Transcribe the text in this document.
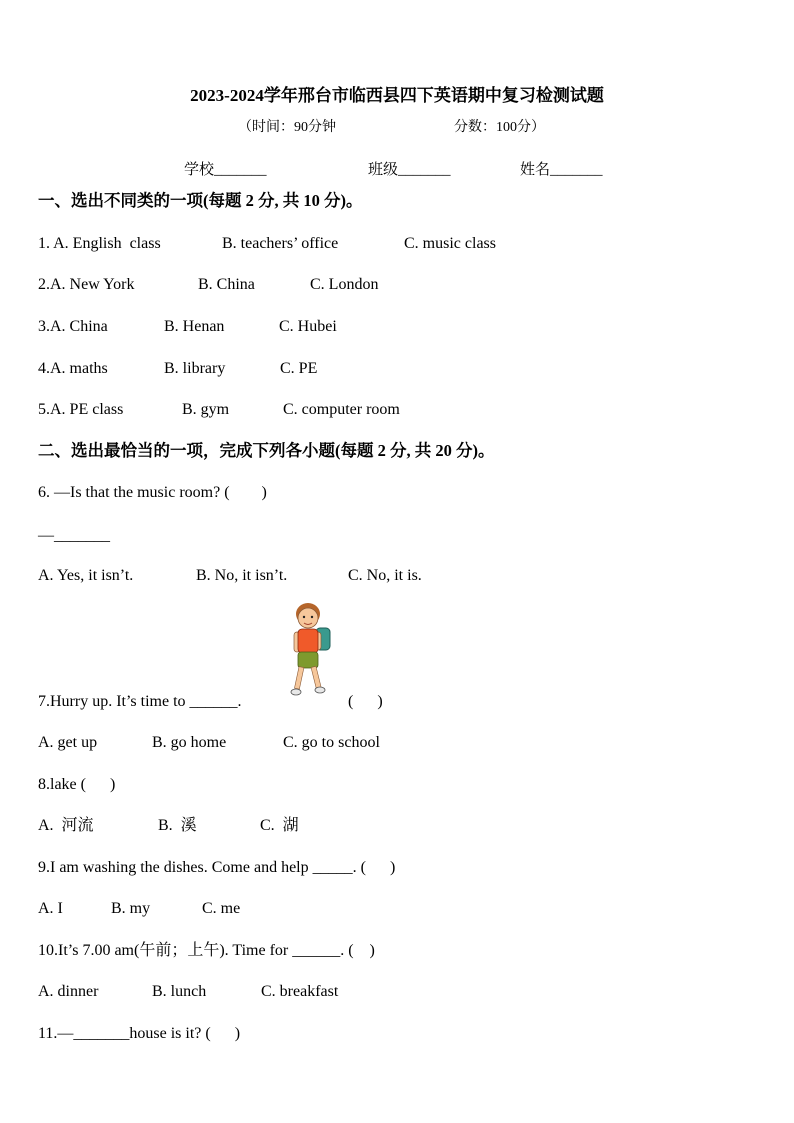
2023-2024学年邢台市临西县四下英语期中复习检测试题
（时间：90分钟	分数：100分）
学校_______	班级_______	姓名_______
一、选出不同类的一项(每题 2 分, 共 10 分)。
1. A. English  class	B. teachers’ office	C. music class
2.A. New York	B. China	C. London
3.A. China	B. Henan	C. Hubei
4.A. maths	B. library	C. PE
5.A. PE class	B. gym	C. computer room
二、选出最恰当的一项，完成下列各小题(每题 2 分, 共 20 分)。
6. —Is that the music room? (        )
—_______
A. Yes, it isn’t.	B. No, it isn’t.	C. No, it is.
7.Hurry up. It’s time to ______.	(      )
A. get up	B. go home	C. go to school
8.lake (      )
A.  河流	B.  溪	C.  湖
9.I am washing the dishes. Come and help _____. (      )
A. I	B. my	C. me
10.It’s 7.00 am(午前；上午). Time for ______. (    )
A. dinner	B. lunch	C. breakfast
11.—_______house is it? (      )
